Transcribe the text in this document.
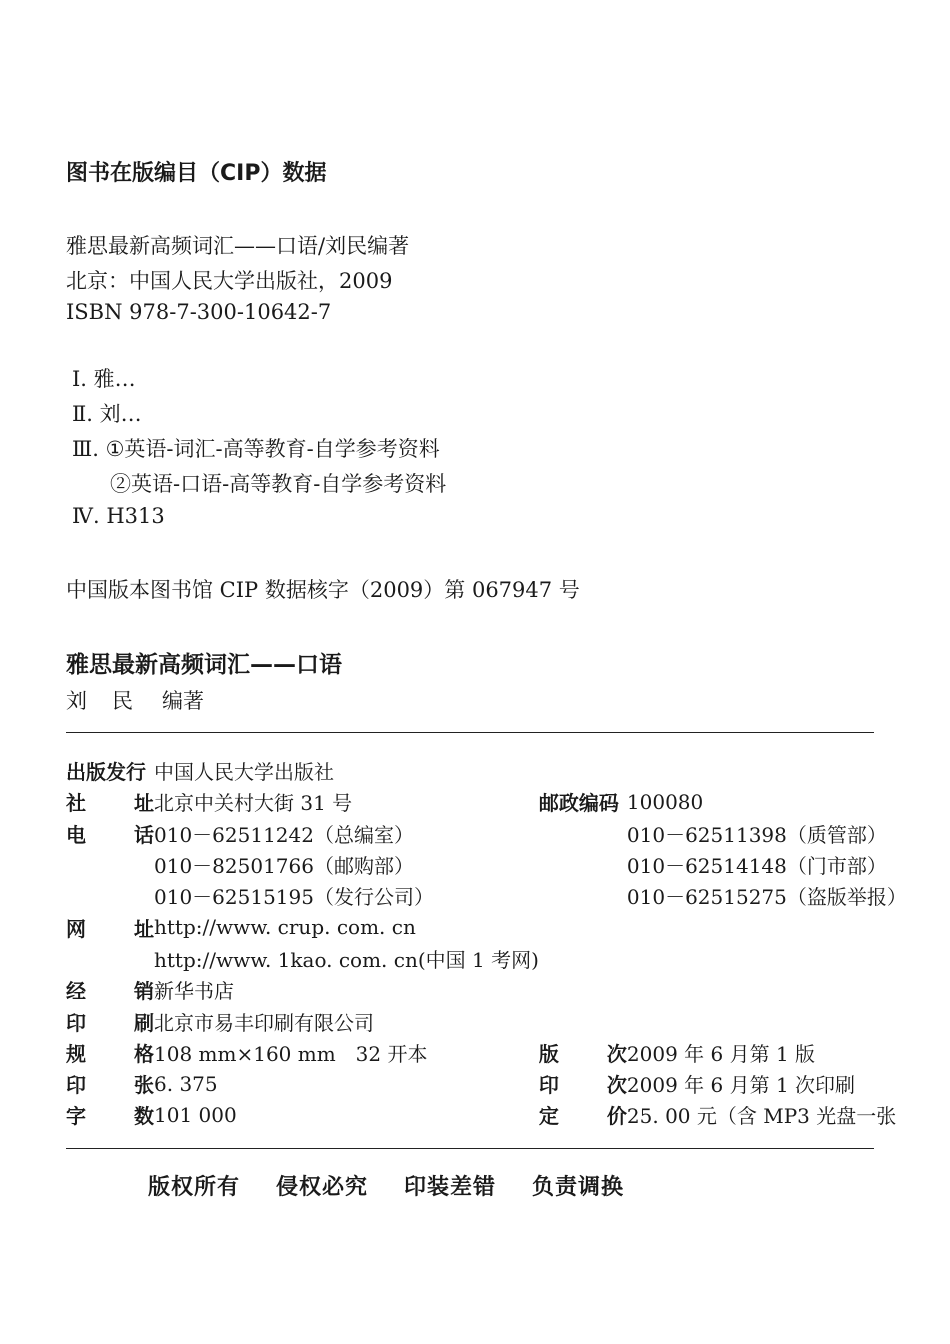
图书在版编目（CIP）数据
雅思最新高频词汇——口语/刘民编著
北京：中国人民大学出版社，2009
ISBN 978-7-300-10642-7
Ⅰ. 雅…
Ⅱ. 刘…
Ⅲ. ①英语-词汇-高等教育-自学参考资料
②英语-口语-高等教育-自学参考资料
Ⅳ. H313
中国版本图书馆 CIP 数据核字（2009）第 067947 号
雅思最新高频词汇——口语
刘 民 编著
出版发行	中国人民大学出版社		

社 址	北京中关村大街 31 号	邮政编码	100080

电 话	010－62511242（总编室）		010－62511398（质管部）
	010－82501766（邮购部）		010－62514148（门市部）
	010－62515195（发行公司）		010－62515275（盗版举报）

网 址	http://www. crup. com. cn		
	http://www. 1kao. com. cn(中国 1 考网)		

经 销	新华书店		

印 刷	北京市易丰印刷有限公司		

规 格	108 mm×160 mm　32 开本	版 次	2009 年 6 月第 1 版

印 张	6. 375	印 次	2009 年 6 月第 1 次印刷

字 数	101 000	定 价	25. 00 元（含 MP3 光盘一张
版权所有 侵权必究 印装差错 负责调换
